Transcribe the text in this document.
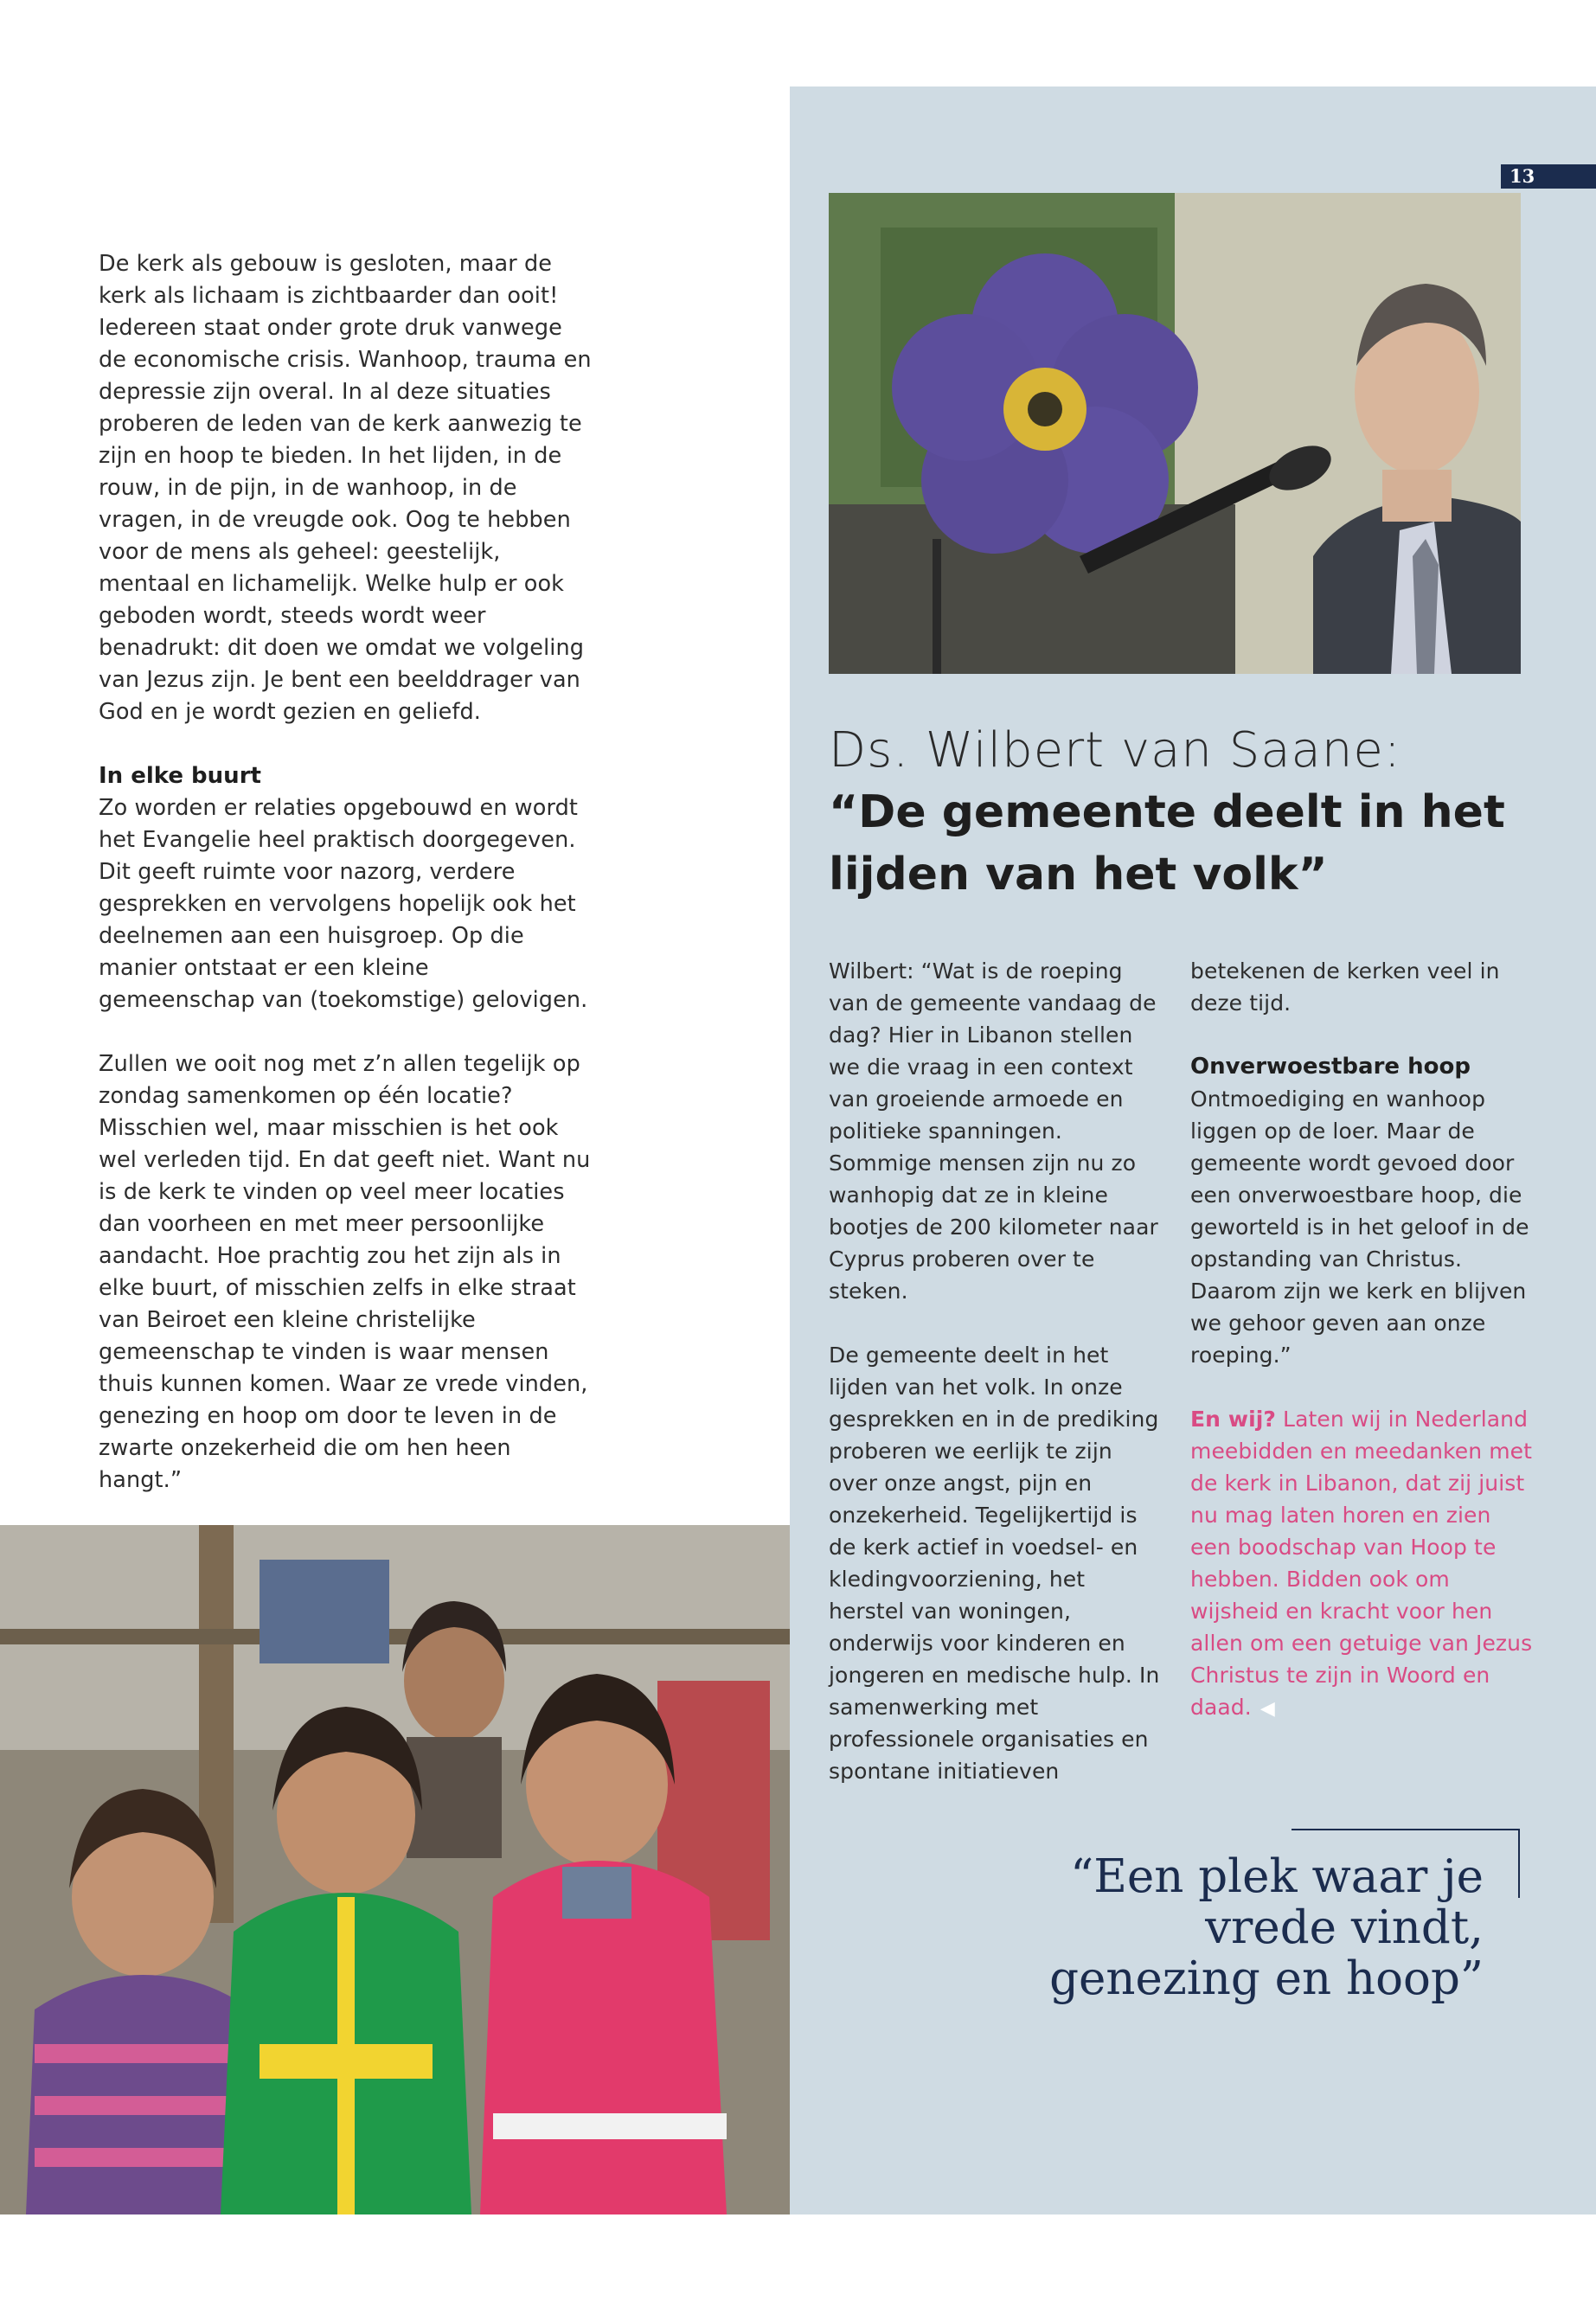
13

De kerk als gebouw is gesloten, maar de kerk als lichaam is zichtbaarder dan ooit! Iedereen staat onder grote druk vanwege de economische crisis. Wanhoop, trauma en depressie zijn overal. In al deze situaties proberen de leden van de kerk aanwezig te zijn en hoop te bieden. In het lijden, in de rouw, in de pijn, in de wanhoop, in de vragen, in de vreugde ook. Oog te hebben voor de mens als geheel: geestelijk, mentaal en lichamelijk. Welke hulp er ook geboden wordt, steeds wordt weer benadrukt: dit doen we omdat we volgeling van Jezus zijn. Je bent een beelddrager van God en je wordt gezien en geliefd.

In elke buurt

Zo worden er relaties opgebouwd en wordt het Evangelie heel praktisch doorgegeven. Dit geeft ruimte voor nazorg, verdere gesprekken en vervolgens hopelijk ook het deelnemen aan een huisgroep. Op die manier ontstaat er een kleine gemeenschap van (toekomstige) gelovigen.

Zullen we ooit nog met z’n allen tegelijk op zondag samenkomen op één locatie? Misschien wel, maar misschien is het ook wel verleden tijd. En dat geeft niet. Want nu is de kerk te vinden op veel meer locaties dan voorheen en met meer persoonlijke aandacht. Hoe prachtig zou het zijn als in elke buurt, of misschien zelfs in elke straat van Beiroet een kleine christelijke gemeenschap te vinden is waar mensen thuis kunnen komen. Waar ze vrede vinden, genezing en hoop om door te leven in de zwarte onzekerheid die om hen heen hangt.”

Ds. Wilbert van Saane:
“De gemeente deelt in het lijden van het volk”

Wilbert: “Wat is de roeping van de gemeente vandaag de dag? Hier in Libanon stellen we die vraag in een context van groeiende armoede en politieke spanningen. Sommige mensen zijn nu zo wanhopig dat ze in kleine bootjes de 200 kilometer naar Cyprus proberen over te steken.

De gemeente deelt in het lijden van het volk. In onze gesprekken en in de prediking proberen we eerlijk te zijn over onze angst, pijn en onzekerheid. Tegelijkertijd is de kerk actief in voedsel- en kledingvoorziening, het herstel van woningen, onderwijs voor kinderen en jongeren en medische hulp. In samenwerking met professionele organisaties en spontane initiatieven

betekenen de kerken veel in deze tijd.

Onverwoestbare hoop

Ontmoediging en wanhoop liggen op de loer. Maar de gemeente wordt gevoed door een onverwoestbare hoop, die geworteld is in het geloof in de opstanding van Christus. Daarom zijn we kerk en blijven we gehoor geven aan onze roeping.”

En wij? Laten wij in Nederland meebidden en meedanken met de kerk in Libanon, dat zij juist nu mag laten horen en zien een boodschap van Hoop te hebben. Bidden ook om wijsheid en kracht voor hen allen om een getuige van Jezus Christus te zijn in Woord en daad. ◀

“Een plek waar je vrede vindt, genezing en hoop”
